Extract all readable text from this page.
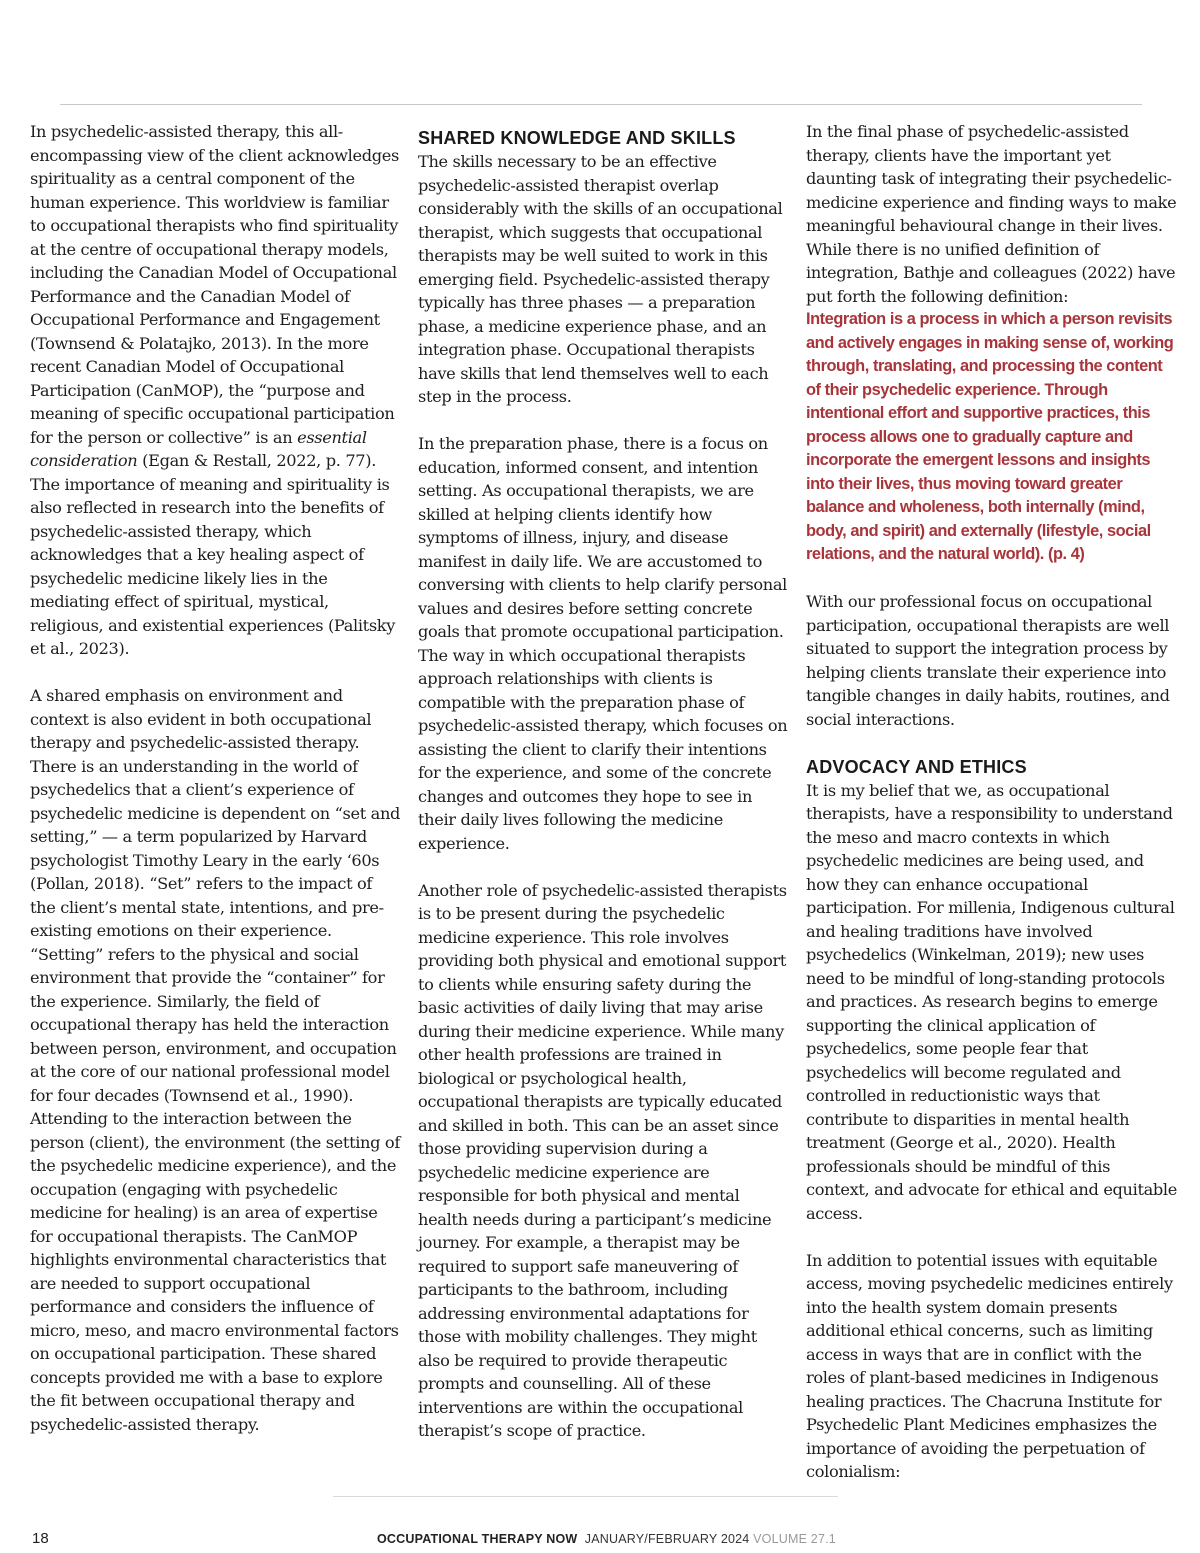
In psychedelic-assisted therapy, this all-encompassing view of the client acknowledges spirituality as a central component of the human experience. This worldview is familiar to occupational therapists who find spirituality at the centre of occupational therapy models, including the Canadian Model of Occupational Performance and the Canadian Model of Occupational Performance and Engagement (Townsend & Polatajko, 2013). In the more recent Canadian Model of Occupational Participation (CanMOP), the “purpose and meaning of specific occupational participation for the person or collective” is an essential consideration (Egan & Restall, 2022, p. 77). The importance of meaning and spirituality is also reflected in research into the benefits of psychedelic-assisted therapy, which acknowledges that a key healing aspect of psychedelic medicine likely lies in the mediating effect of spiritual, mystical, religious, and existential experiences (Palitsky et al., 2023).

A shared emphasis on environment and context is also evident in both occupational therapy and psychedelic-assisted therapy. There is an understanding in the world of psychedelics that a client’s experience of psychedelic medicine is dependent on “set and setting,” — a term popularized by Harvard psychologist Timothy Leary in the early ‘60s (Pollan, 2018). “Set” refers to the impact of the client’s mental state, intentions, and pre-existing emotions on their experience. “Setting” refers to the physical and social environment that provide the “container” for the experience. Similarly, the field of occupational therapy has held the interaction between person, environment, and occupation at the core of our national professional model for four decades (Townsend et al., 1990). Attending to the interaction between the person (client), the environment (the setting of the psychedelic medicine experience), and the occupation (engaging with psychedelic medicine for healing) is an area of expertise for occupational therapists. The CanMOP highlights environmental characteristics that are needed to support occupational performance and considers the influence of micro, meso, and macro environmental factors on occupational participation. These shared concepts provided me with a base to explore the fit between occupational therapy and psychedelic-assisted therapy.

SHARED KNOWLEDGE AND SKILLS

The skills necessary to be an effective psychedelic-assisted therapist overlap considerably with the skills of an occupational therapist, which suggests that occupational therapists may be well suited to work in this emerging field. Psychedelic-assisted therapy typically has three phases — a preparation phase, a medicine experience phase, and an integration phase. Occupational therapists have skills that lend themselves well to each step in the process.

In the preparation phase, there is a focus on education, informed consent, and intention setting. As occupational therapists, we are skilled at helping clients identify how symptoms of illness, injury, and disease manifest in daily life. We are accustomed to conversing with clients to help clarify personal values and desires before setting concrete goals that promote occupational participation. The way in which occupational therapists approach relationships with clients is compatible with the preparation phase of psychedelic-assisted therapy, which focuses on assisting the client to clarify their intentions for the experience, and some of the concrete changes and outcomes they hope to see in their daily lives following the medicine experience.

Another role of psychedelic-assisted therapists is to be present during the psychedelic medicine experience. This role involves providing both physical and emotional support to clients while ensuring safety during the basic activities of daily living that may arise during their medicine experience. While many other health professions are trained in biological or psychological health, occupational therapists are typically educated and skilled in both. This can be an asset since those providing supervision during a psychedelic medicine experience are responsible for both physical and mental health needs during a participant’s medicine journey. For example, a therapist may be required to support safe maneuvering of participants to the bathroom, including addressing environmental adaptations for those with mobility challenges. They might also be required to provide therapeutic prompts and counselling. All of these interventions are within the occupational therapist’s scope of practice.

In the final phase of psychedelic-assisted therapy, clients have the important yet daunting task of integrating their psychedelic-medicine experience and finding ways to make meaningful behavioural change in their lives. While there is no unified definition of integration, Bathje and colleagues (2022) have put forth the following definition:

Integration is a process in which a person revisits and actively engages in making sense of, working through, translating, and processing the content of their psychedelic experience. Through intentional effort and supportive practices, this process allows one to gradually capture and incorporate the emergent lessons and insights into their lives, thus moving toward greater balance and wholeness, both internally (mind, body, and spirit) and externally (lifestyle, social relations, and the natural world). (p. 4)

With our professional focus on occupational participation, occupational therapists are well situated to support the integration process by helping clients translate their experience into tangible changes in daily habits, routines, and social interactions.

ADVOCACY AND ETHICS

It is my belief that we, as occupational therapists, have a responsibility to understand the meso and macro contexts in which psychedelic medicines are being used, and how they can enhance occupational participation. For millenia, Indigenous cultural and healing traditions have involved psychedelics (Winkelman, 2019); new uses need to be mindful of long-standing protocols and practices. As research begins to emerge supporting the clinical application of psychedelics, some people fear that psychedelics will become regulated and controlled in reductionistic ways that contribute to disparities in mental health treatment (George et al., 2020). Health professionals should be mindful of this context, and advocate for ethical and equitable access.

In addition to potential issues with equitable access, moving psychedelic medicines entirely into the health system domain presents additional ethical concerns, such as limiting access in ways that are in conflict with the roles of plant-based medicines in Indigenous healing practices. The Chacruna Institute for Psychedelic Plant Medicines emphasizes the importance of avoiding the perpetuation of colonialism:

18	OCCUPATIONAL THERAPY NOW JANUARY/FEBRUARY 2024 VOLUME 27.1
